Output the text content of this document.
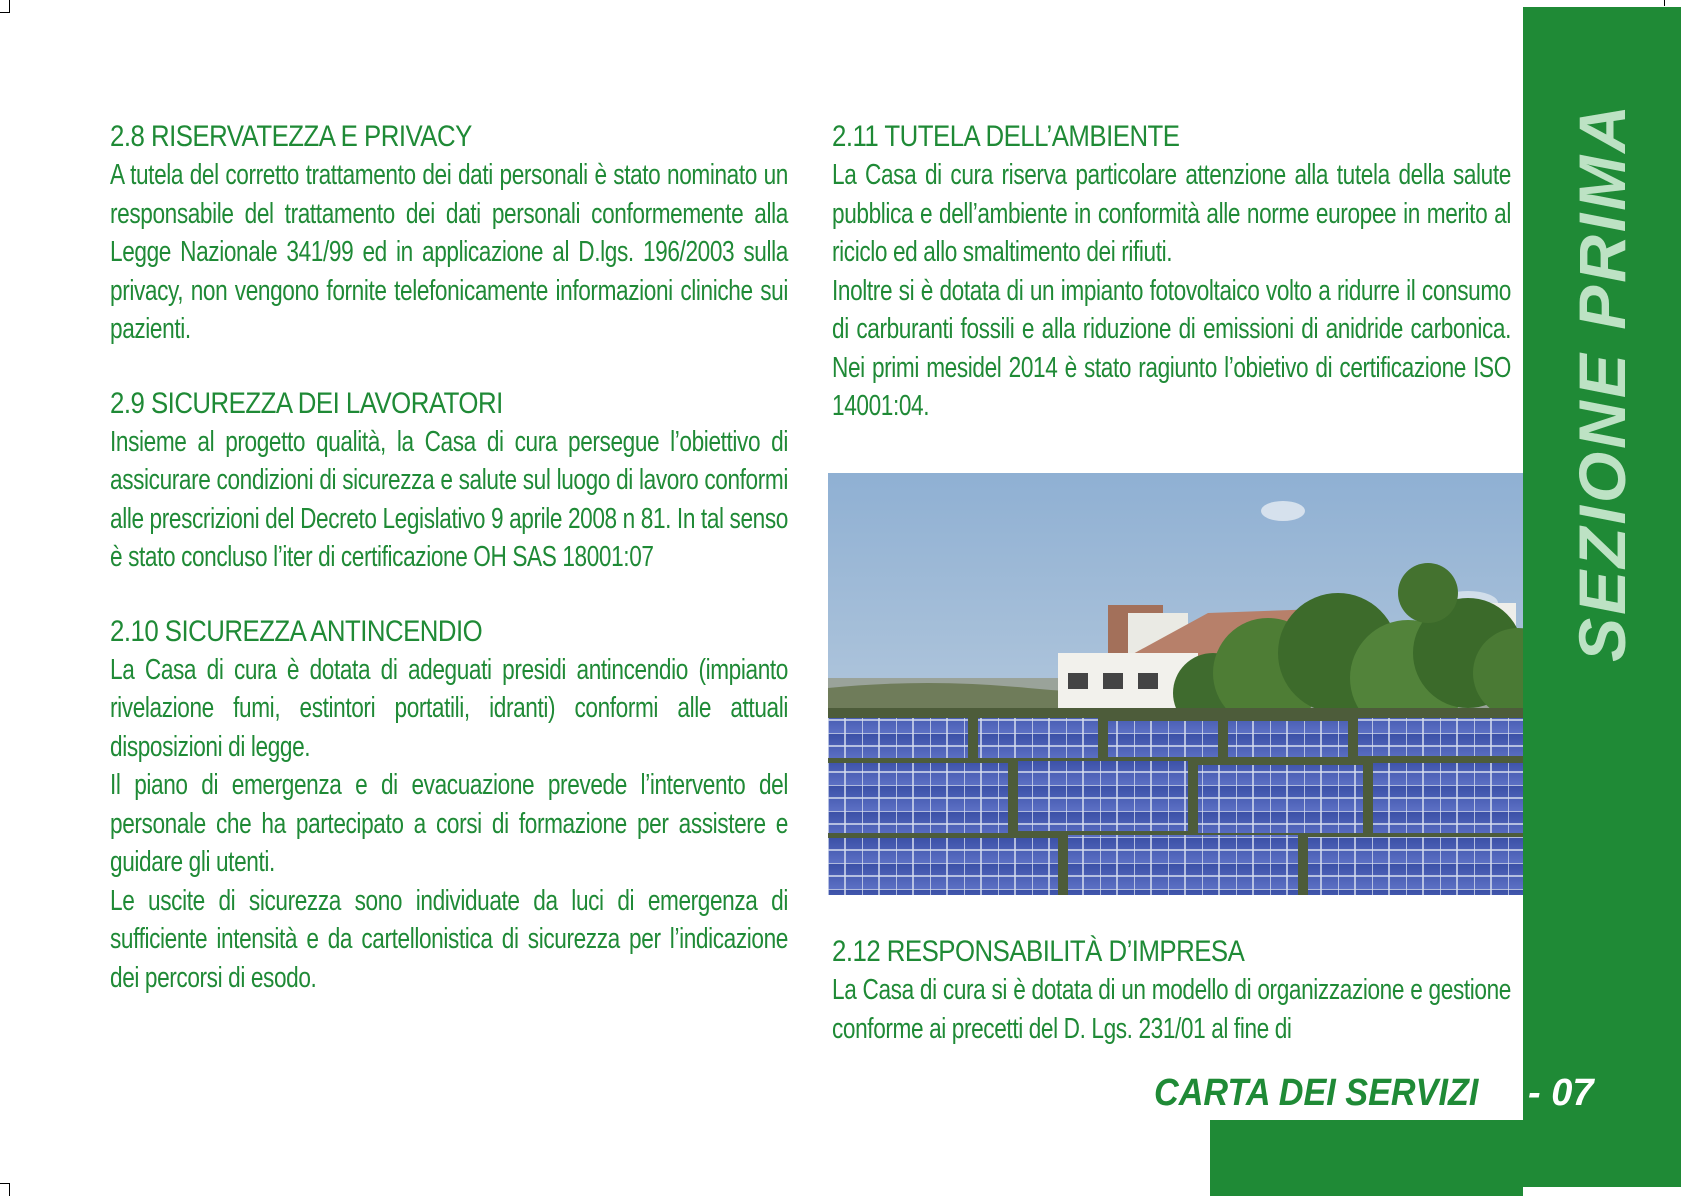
2.8 RISERVATEZZA E PRIVACY

A tutela del corretto trattamento dei dati personali è stato nominato un responsabile del trattamento dei dati personali conformemente alla Legge Nazionale 341/99 ed in applicazione al D.lgs. 196/2003 sulla privacy, non vengono fornite telefonicamente informazioni cliniche sui pazienti.

2.9 SICUREZZA DEI LAVORATORI

Insieme al progetto qualità, la Casa di cura persegue l’obiettivo di assicurare condizioni di sicurezza e salute sul luogo di lavoro conformi alle prescrizioni del Decreto Legislativo 9 aprile 2008 n 81. In tal senso è stato concluso l’iter di certificazione OH SAS 18001:07

2.10 SICUREZZA ANTINCENDIO

La Casa di cura è dotata di adeguati presidi antincendio (impianto rivelazione fumi, estintori portatili, idranti) conformi alle attuali disposizioni di legge.

Il piano di emergenza e di evacuazione prevede l’intervento del personale che ha partecipato a corsi di formazione per assistere e guidare gli utenti.

Le uscite di sicurezza sono individuate da luci di emergenza di sufficiente intensità e da cartellonistica di sicurezza per l’indicazione dei percorsi di esodo.

2.11 TUTELA DELL’AMBIENTE

La Casa di cura riserva particolare attenzione alla tutela della salute pubblica e dell’ambiente in conformità alle norme europee in merito al riciclo ed allo smaltimento dei rifiuti.

Inoltre si è dotata di un impianto fotovoltaico volto a ridurre il consumo di carburanti fossili e alla riduzione di emissioni di anidride carbonica. Nei primi mesidel 2014 è stato ragiunto l’obietivo di certificazione ISO 14001:04.

2.12 RESPONSABILITÀ D’IMPRESA

La Casa di cura si è dotata di un modello di organizzazione e gestione conforme ai precetti del D. Lgs. 231/01 al fine di

SEZIONE PRIMA
CARTA DEI SERVIZI - 07
